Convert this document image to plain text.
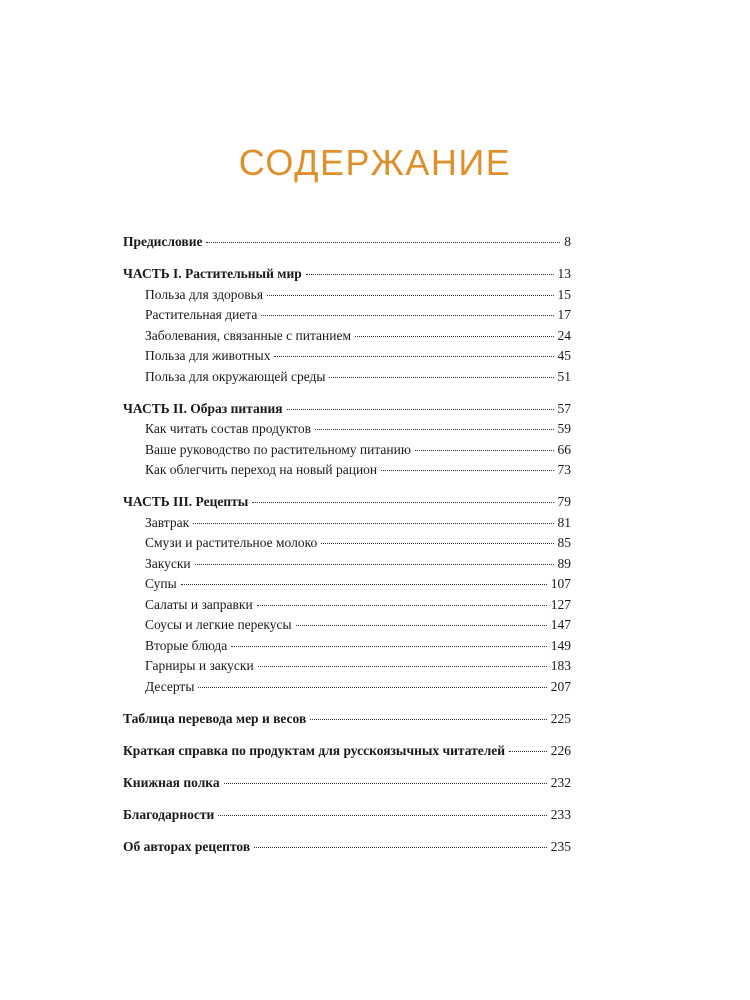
СОДЕРЖАНИЕ
Предисловие	8
ЧАСТЬ I. Растительный мир	13
Польза для здоровья	15
Растительная диета	17
Заболевания, связанные с питанием	24
Польза для животных	45
Польза для окружающей среды	51
ЧАСТЬ II. Образ питания	57
Как читать состав продуктов	59
Ваше руководство по растительному питанию	66
Как облегчить переход на новый рацион	73
ЧАСТЬ III. Рецепты	79
Завтрак	81
Смузи и растительное молоко	85
Закуски	89
Супы	107
Салаты и заправки	127
Соусы и легкие перекусы	147
Вторые блюда	149
Гарниры и закуски	183
Десерты	207
Таблица перевода мер и весов	225
Краткая справка по продуктам для русскоязычных читателей	226
Книжная полка	232
Благодарности	233
Об авторах рецептов	235
